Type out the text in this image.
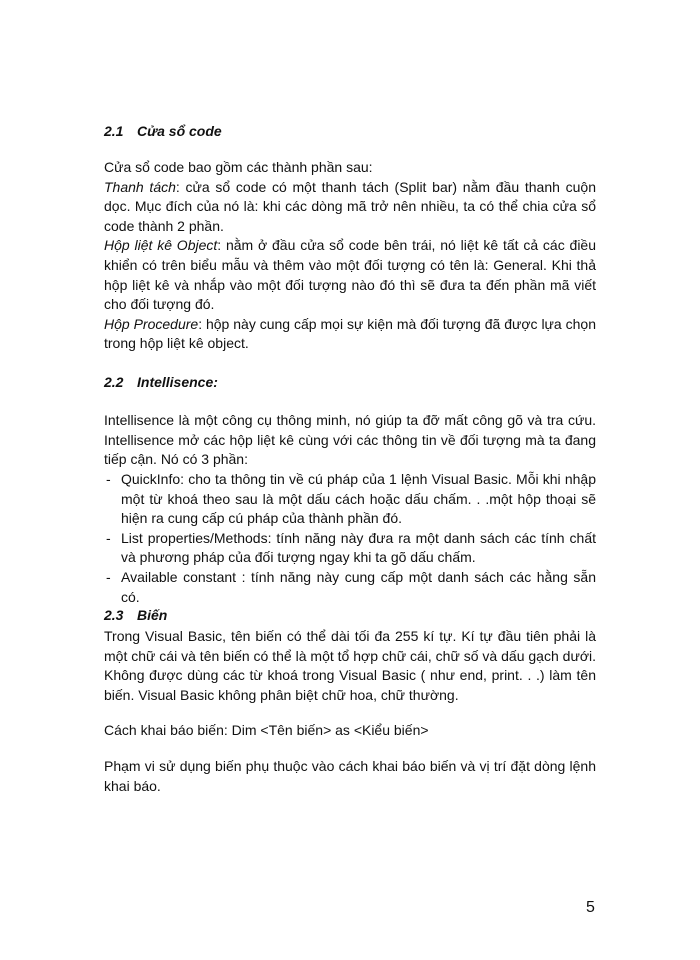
2.1 Cửa sổ code

Cửa sổ code bao gồm các thành phần sau:

Thanh tách: cửa sổ code có một thanh tách (Split bar) nằm đầu thanh cuộn dọc. Mục đích của nó là: khi các dòng mã trở nên nhiều, ta có thể chia cửa sổ code thành 2 phần.

Hộp liệt kê Object: nằm ở đầu cửa sổ code bên trái, nó liệt kê tất cả các điều khiển có trên biểu mẫu và thêm vào một đối tượng có tên là: General. Khi thả hộp liệt kê và nhắp vào một đối tượng nào đó thì sẽ đưa ta đến phần mã viết cho đối tượng đó.

Hộp Procedure: hộp này cung cấp mọi sự kiện mà đối tượng đã được lựa chọn trong hộp liệt kê object.

2.2 Intellisence:

Intellisence là một công cụ thông minh, nó giúp ta đỡ mất công gõ và tra cứu. Intellisence mở các hộp liệt kê cùng với các thông tin về đối tượng mà ta đang tiếp cận. Nó có 3 phần:

- QuickInfo: cho ta thông tin về cú pháp của 1 lệnh Visual Basic. Mỗi khi nhập một từ khoá theo sau là một dấu cách hoặc dấu chấm. . .một hộp thoại sẽ hiện ra cung cấp cú pháp của thành phần đó.
- List properties/Methods: tính năng này đưa ra một danh sách các tính chất và phương pháp của đối tượng ngay khi ta gõ dấu chấm.
- Available constant : tính năng này cung cấp một danh sách các hằng sẵn có.
2.3 Biến

Trong Visual Basic, tên biến có thể dài tối đa 255 kí tự. Kí tự đầu tiên phải là một chữ cái và tên biến có thể là một tổ hợp chữ cái, chữ số và dấu gạch dưới. Không được dùng các từ khoá trong Visual Basic ( như end, print. . .) làm tên biến. Visual Basic không phân biệt chữ hoa, chữ thường.

Cách khai báo biến: Dim <Tên biến> as <Kiểu biến>

Phạm vi sử dụng biến phụ thuộc vào cách khai báo biến và vị trí đặt dòng lệnh khai báo.

5
